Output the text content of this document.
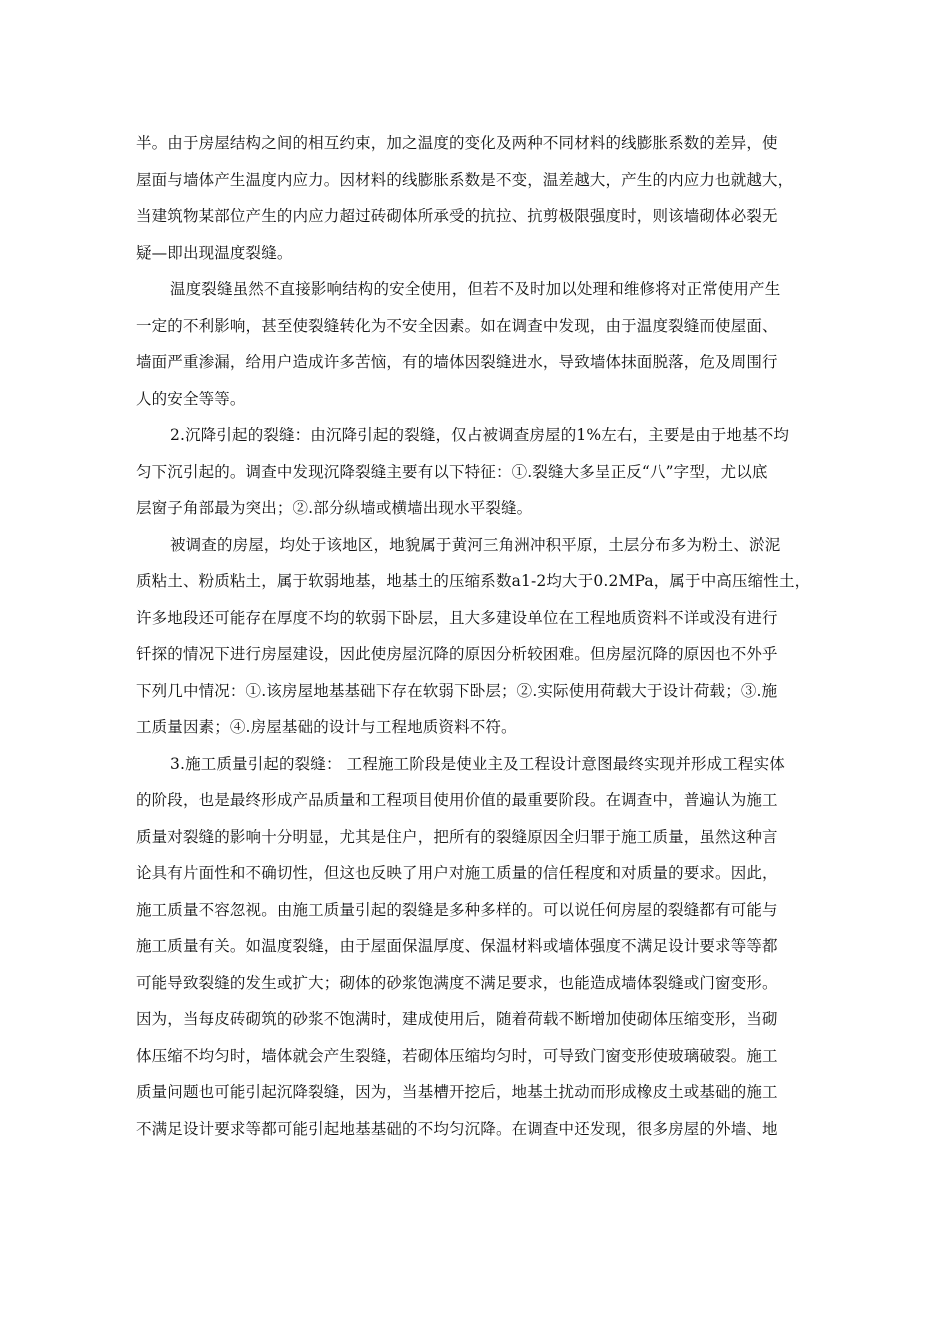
半。由于房屋结构之间的相互约束，加之温度的变化及两种不同材料的线膨胀系数的差异，使
屋面与墙体产生温度内应力。因材料的线膨胀系数是不变，温差越大，产生的内应力也就越大，
当建筑物某部位产生的内应力超过砖砌体所承受的抗拉、抗剪极限强度时，则该墙砌体必裂无
疑—即出现温度裂缝。
温度裂缝虽然不直接影响结构的安全使用，但若不及时加以处理和维修将对正常使用产生
一定的不利影响，甚至使裂缝转化为不安全因素。如在调查中发现，由于温度裂缝而使屋面、
墙面严重渗漏，给用户造成许多苦恼，有的墙体因裂缝进水，导致墙体抹面脱落，危及周围行
人的安全等等。
2.沉降引起的裂缝：由沉降引起的裂缝，仅占被调查房屋的1%左右，主要是由于地基不均
匀下沉引起的。调查中发现沉降裂缝主要有以下特征：①.裂缝大多呈正反“八”字型，尤以底
层窗子角部最为突出；②.部分纵墙或横墙出现水平裂缝。
被调查的房屋，均处于该地区，地貌属于黄河三角洲冲积平原，土层分布多为粉土、淤泥
质粘土、粉质粘土，属于软弱地基，地基土的压缩系数a1-2均大于0.2MPa，属于中高压缩性土，
许多地段还可能存在厚度不均的软弱下卧层，且大多建设单位在工程地质资料不详或没有进行
钎探的情况下进行房屋建设，因此使房屋沉降的原因分析较困难。但房屋沉降的原因也不外乎
下列几中情况：①.该房屋地基基础下存在软弱下卧层；②.实际使用荷载大于设计荷载；③.施
工质量因素；④.房屋基础的设计与工程地质资料不符。
3.施工质量引起的裂缝： 工程施工阶段是使业主及工程设计意图最终实现并形成工程实体
的阶段，也是最终形成产品质量和工程项目使用价值的最重要阶段。在调查中，普遍认为施工
质量对裂缝的影响十分明显，尤其是住户，把所有的裂缝原因全归罪于施工质量，虽然这种言
论具有片面性和不确切性，但这也反映了用户对施工质量的信任程度和对质量的要求。因此，
施工质量不容忽视。由施工质量引起的裂缝是多种多样的。可以说任何房屋的裂缝都有可能与
施工质量有关。如温度裂缝，由于屋面保温厚度、保温材料或墙体强度不满足设计要求等等都
可能导致裂缝的发生或扩大；砌体的砂浆饱满度不满足要求，也能造成墙体裂缝或门窗变形。
因为，当每皮砖砌筑的砂浆不饱满时，建成使用后，随着荷载不断增加使砌体压缩变形，当砌
体压缩不均匀时，墙体就会产生裂缝，若砌体压缩均匀时，可导致门窗变形使玻璃破裂。施工
质量问题也可能引起沉降裂缝，因为，当基槽开挖后，地基土扰动而形成橡皮土或基础的施工
不满足设计要求等都可能引起地基基础的不均匀沉降。在调查中还发现，很多房屋的外墙、地
